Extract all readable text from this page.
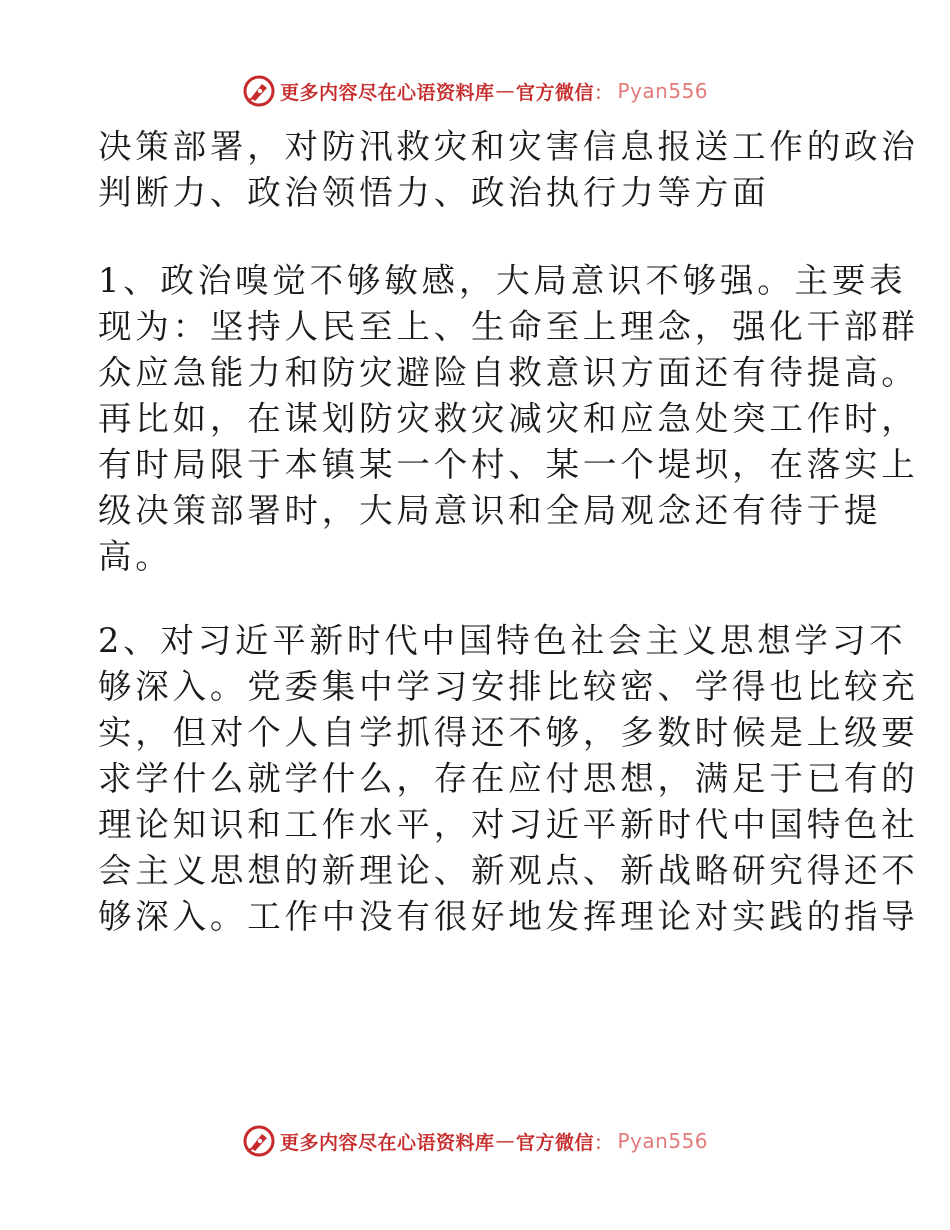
更多内容尽在心语资料库 — 官方微信 ： Pyan556

决策部署，对防汛救灾和灾害信息报送工作的政治
判断力、政治领悟力、政治执行力等方面

1、政治嗅觉不够敏感，大局意识不够强。主要表
现为：坚持人民至上、生命至上理念，强化干部群
众应急能力和防灾避险自救意识方面还有待提高。
再比如，在谋划防灾救灾减灾和应急处突工作时，
有时局限于本镇某一个村、某一个堤坝，在落实上
级决策部署时，大局意识和全局观念还有待于提
高。

2、对习近平新时代中国特色社会主义思想学习不
够深入。党委集中学习安排比较密、学得也比较充
实，但对个人自学抓得还不够，多数时候是上级要
求学什么就学什么，存在应付思想，满足于已有的
理论知识和工作水平，对习近平新时代中国特色社
会主义思想的新理论、新观点、新战略研究得还不
够深入。工作中没有很好地发挥理论对实践的指导

更多内容尽在心语资料库 — 官方微信 ： Pyan556
